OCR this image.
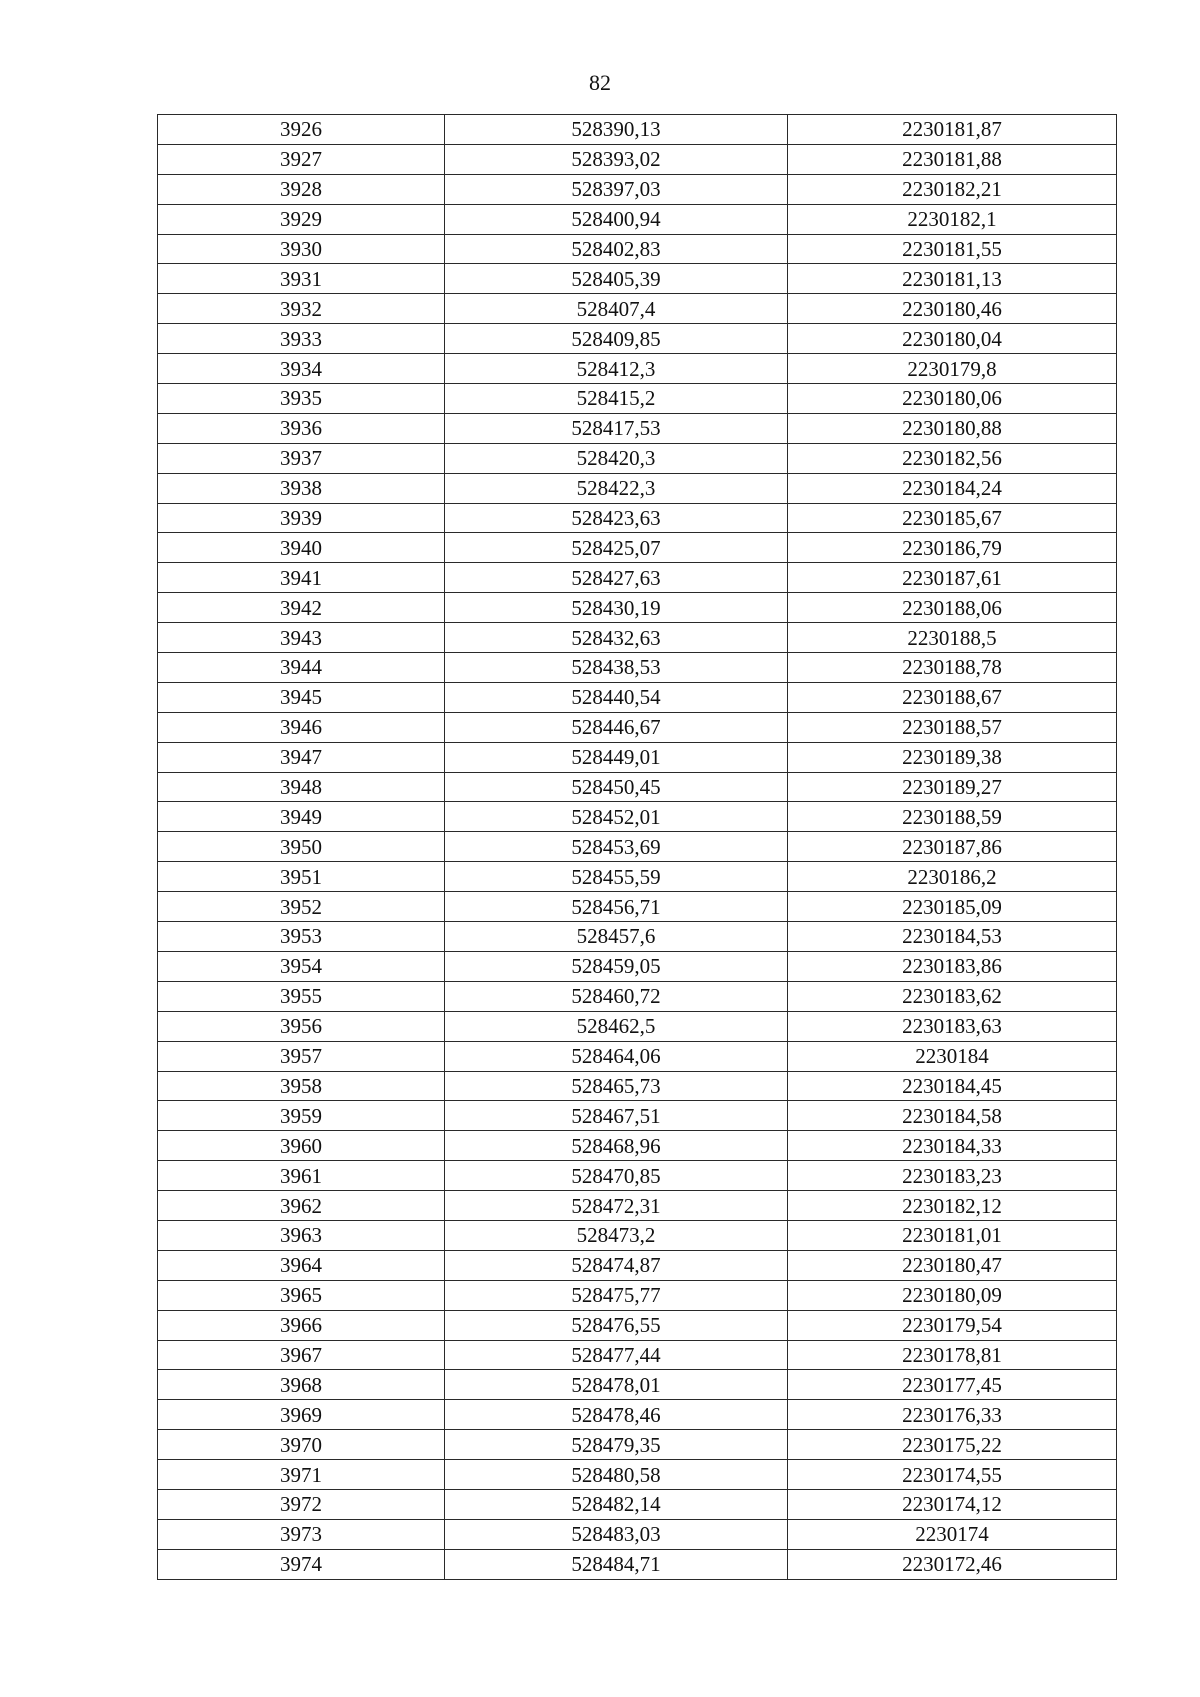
82
3926	528390,13	2230181,87
3927	528393,02	2230181,88
3928	528397,03	2230182,21
3929	528400,94	2230182,1
3930	528402,83	2230181,55
3931	528405,39	2230181,13
3932	528407,4	2230180,46
3933	528409,85	2230180,04
3934	528412,3	2230179,8
3935	528415,2	2230180,06
3936	528417,53	2230180,88
3937	528420,3	2230182,56
3938	528422,3	2230184,24
3939	528423,63	2230185,67
3940	528425,07	2230186,79
3941	528427,63	2230187,61
3942	528430,19	2230188,06
3943	528432,63	2230188,5
3944	528438,53	2230188,78
3945	528440,54	2230188,67
3946	528446,67	2230188,57
3947	528449,01	2230189,38
3948	528450,45	2230189,27
3949	528452,01	2230188,59
3950	528453,69	2230187,86
3951	528455,59	2230186,2
3952	528456,71	2230185,09
3953	528457,6	2230184,53
3954	528459,05	2230183,86
3955	528460,72	2230183,62
3956	528462,5	2230183,63
3957	528464,06	2230184
3958	528465,73	2230184,45
3959	528467,51	2230184,58
3960	528468,96	2230184,33
3961	528470,85	2230183,23
3962	528472,31	2230182,12
3963	528473,2	2230181,01
3964	528474,87	2230180,47
3965	528475,77	2230180,09
3966	528476,55	2230179,54
3967	528477,44	2230178,81
3968	528478,01	2230177,45
3969	528478,46	2230176,33
3970	528479,35	2230175,22
3971	528480,58	2230174,55
3972	528482,14	2230174,12
3973	528483,03	2230174
3974	528484,71	2230172,46
